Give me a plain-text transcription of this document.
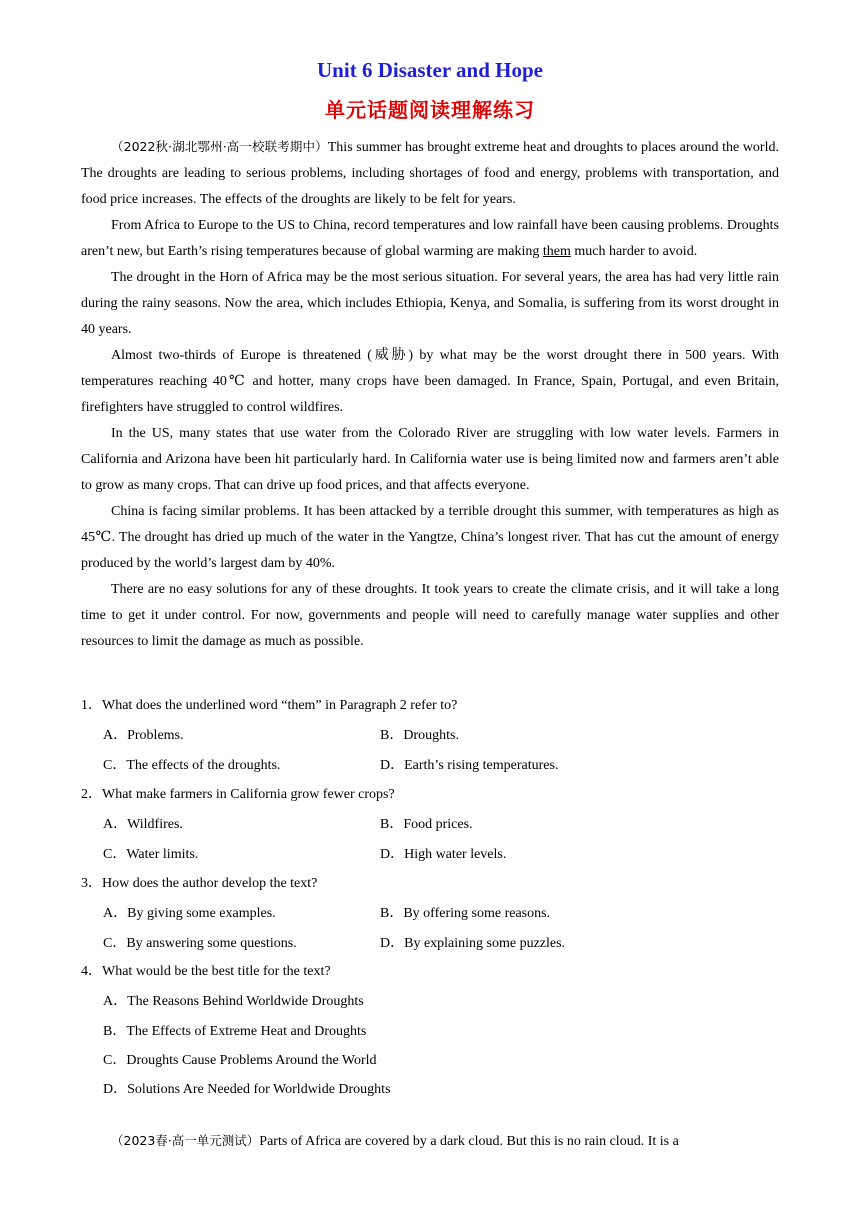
Unit 6 Disaster and Hope
单元话题阅读理解练习

（2022秋·湖北鄂州·高一校联考期中）This summer has brought extreme heat and droughts to places around the world. The droughts are leading to serious problems, including shortages of food and energy, problems with transportation, and food price increases. The effects of the droughts are likely to be felt for years.

From Africa to Europe to the US to China, record temperatures and low rainfall have been causing problems. Droughts aren’t new, but Earth’s rising temperatures because of global warming are making them much harder to avoid.

The drought in the Horn of Africa may be the most serious situation. For several years, the area has had very little rain during the rainy seasons. Now the area, which includes Ethiopia, Kenya, and Somalia, is suffering from its worst drought in 40 years.

Almost two-thirds of Europe is threatened (威胁) by what may be the worst drought there in 500 years. With temperatures reaching 40℃ and hotter, many crops have been damaged. In France, Spain, Portugal, and even Britain, firefighters have struggled to control wildfires.

In the US, many states that use water from the Colorado River are struggling with low water levels. Farmers in California and Arizona have been hit particularly hard. In California water use is being limited now and farmers aren’t able to grow as many crops. That can drive up food prices, and that affects everyone.

China is facing similar problems. It has been attacked by a terrible drought this summer, with temperatures as high as 45℃. The drought has dried up much of the water in the Yangtze, China’s longest river. That has cut the amount of energy produced by the world’s largest dam by 40%.

There are no easy solutions for any of these droughts. It took years to create the climate crisis, and it will take a long time to get it under control. For now, governments and people will need to carefully manage water supplies and other resources to limit the damage as much as possible.

1．What does the underlined word “them” in Paragraph 2 refer to?
A．Problems.	B．Droughts.
C．The effects of the droughts.	D．Earth’s rising temperatures.
2．What make farmers in California grow fewer crops?
A．Wildfires.	B．Food prices.
C．Water limits.	D．High water levels.
3．How does the author develop the text?
A．By giving some examples.	B．By offering some reasons.
C．By answering some questions.	D．By explaining some puzzles.
4．What would be the best title for the text?
A．The Reasons Behind Worldwide Droughts
B．The Effects of Extreme Heat and Droughts
C．Droughts Cause Problems Around the World
D．Solutions Are Needed for Worldwide Droughts

（2023春·高一单元测试）Parts of Africa are covered by a dark cloud. But this is no rain cloud. It is a
